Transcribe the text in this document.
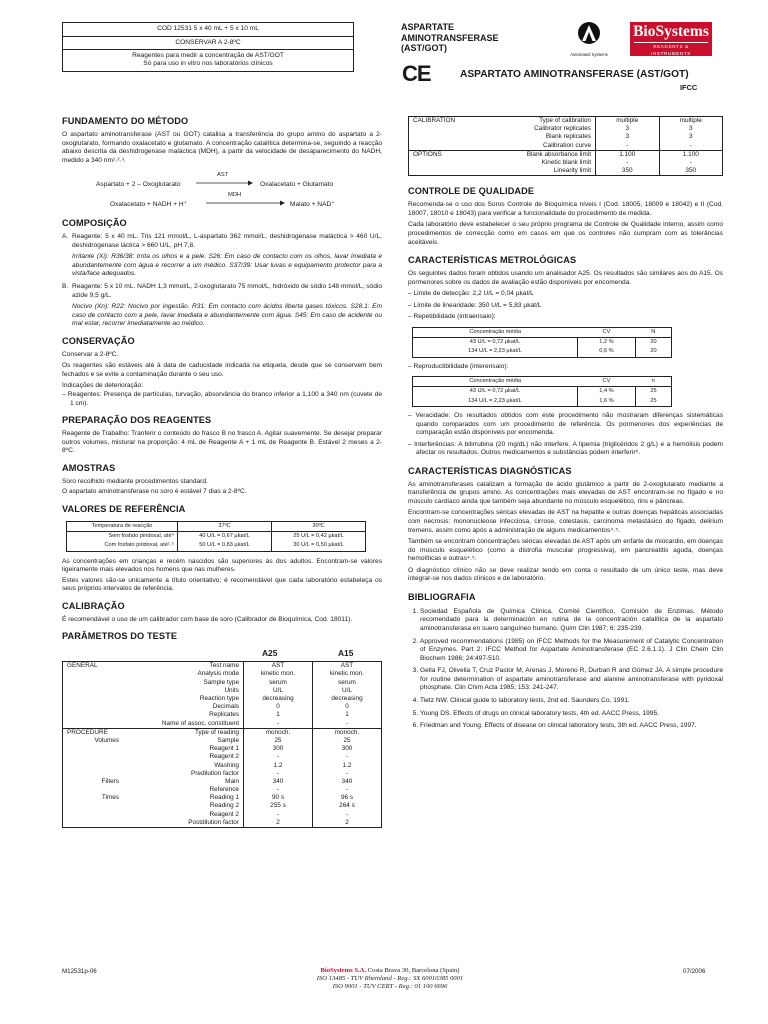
COD 12531 5 x 40 mL + 5 x 10 mL
CONSERVAR A 2-8ºC
Reagentes para medir a concentração de AST/GOT
Só para uso in vitro nos laboratórios clínicos
ASPARTATE
AMINOTRANSFERASE
(AST/GOT)
Automated Systems
BioSystems
REAGENTS & INSTRUMENTS
CE	ASPARTATO AMINOTRANSFERASE (AST/GOT)
IFCC
FUNDAMENTO DO MÉTODO

O aspartato aminotransferase (AST ou GOT) catalisa a transferência do grupo amino do aspartato a 2-oxoglutarato, formando oxalacetato e glutamato. A concentração catalítica determina-se, seguindo a reacção abaixo descrita da deshidrogenase maláctica (MDH), a partir da velocidade de desaparecimento do NADH, medido a 340 nm¹˒²˒³.

Aspartato + 2 – Oxoglutarato
AST
Oxalacetato + Glutamato
Oxalacetato + NADH + H⁺
MDH
Malato + NAD⁺
COMPOSIÇÃO
A. Reagente: 5 x 40 mL. Tris 121 mmol/L, L-aspartato 362 mmol/L, deshidrogenase maláctica > 460 U/L, deshidrogenase láctica > 660 U/L, pH 7,8.

Irritante (Xi): R36/38: Irrita os olhos e a pele. S26: Em caso de contacto com os olhos, lavar imediata e abundantemente com água e recorrer a um médico. S37/39: Usar luvas e equipamento protector para a vista/face adequados.

B. Reagente: 5 x 10 mL. NADH 1,3 mmol/L, 2-oxoglutarato 75 mmol/L, hidróxido de sódio 148 mmol/L, sódio azide 9,5 g/L.

Nocivo (Xn): R22: Nocivo por ingestão. R31: Em contacto com ácidos liberta gases tóxicos. S28.1: Em caso de contacto com a pele, lavar imediata e abundantemente com água. S45: Em caso de acidente ou mal estar, recorrer imediatamente ao médico.

CONSERVAÇÃO

Conservar a 2-8ºC.

Os reagentes são estáveis até à data de caducidade indicada na etiqueta, desde que se conservem bem fechados e se evite a contaminação durante o seu uso.

Indicações de deterioração:

– Reagentes: Presença de partículas, turvação, absorvância do branco inferior a 1,100 a 340 nm (cuvete de 1 cm).

PREPARAÇÃO DOS REAGENTES

Reagente de Trabalho: Tranferir o conteúdo do frasco B no frasco A. Agitar suavemente. Se desejar preparar outros volumes, misturar na proporção: 4 mL de Reagente A + 1 mL de Reagente B. Estável 2 meses a 2-8ºC.

AMOSTRAS

Soro recolhido mediante procedimentos standard.

O aspartato aminotransferase no soro é estável 7 dias a 2-8ºC.

VALORES DE REFERÊNCIA
Temperatura de reacção	37ºC	30ºC
Sem fosfato piridoxal, até⁴	40 U/L = 0,67 µkat/L	25 U/L = 0,42 µkat/L
Com fosfato piridoxal, até¹˒⁵	50 U/L = 0,83 µkat/L	30 U/L = 0,50 µkat/L

As concentrações em crianças e recém nascidos são superiores às dos adultos. Encontram-se valores ligeiramente mais elevados nos homens que nas mulheres.

Estes valores são-se unicamente a título orientativo; é recomendável que cada laboratório estabeleça os seus próprios intervalos de referência.

CALIBRAÇÃO

É recomendável o uso de um calibrador com base de soro (Calibrador de Bioquímica, Cod. 18011).

PARÂMETROS DO TESTE
A25	A15
GENERAL	Test name	AST	AST
	Analysis mode	kinetic mon.	kinetic mon.
	Sample type	serum	serum
	Units	U/L	U/L
	Reaction type	decreasing	decreasing
	Decimals	0	0
	Replicates	1	1
	Name of assoc. constituent	-	-
PROCEDURE	Type of reading	monoch.	monoch.
Volumes	Sample	25	25
	Reagent 1	300	300
	Reagent 2	-	-
	Washing	1.2	1.2
	Predilution factor	-	-
Filters	Main	340	340
	Reference	-	-
Times	Reading 1	90 s	96 s
	Reading 2	255 s	264 s
	Reagent 2	-	-
	Postdilution factor	2	2
CALIBRATION	Type of calibration	multiple	multiple
	Calibrator replicates	3	3
	Blank replicates	3	3
	Calibration curve	-	-
OPTIONS	Blank absorbance limit	1.100	1.100
	Kinetic blank limit	-	-
	Linearity limit	350	350
CONTROLE DE QUALIDADE

Recomenda-se o uso dos Soros Controle de Bioquímica níveis I (Cod. 18005, 18009 e 18042) e II (Cod. 18007, 18010 e 18043) para verificar a funcionalidade do procedimento de medida.

Cada laboratório deve estabelecer o seu próprio programa de Controle de Qualidade interno, assim como procedimentos de correcção como em casos em que os controles não cumpram com as tolerâncias aceitáveis.

CARACTERÍSTICAS METROLÓGICAS

Os seguintes dados foram obtidos usando um analisador A25. Os resultados são similares aos do A15. Os pormenores sobre os dados de avaliação estão disponíveis por encomenda.

– Limite de detecção: 2,2 U/L = 0,04 µkat/L

– Límite de linearidade: 350 U/L = 5,83 µkat/L

– Repetibilidade (intraensaio):

Concentração média	CV	N
43 U/L = 0,72 µkat/L	1,2 %	20
134 U/L = 2,23 µkat/L	0,6 %	20

– Reproductibilidade (interensaio):

Concentração média	CV	n
43 U/L = 0,72 µkat/L	1,4 %	25
134 U/L = 2,23 µkat/L	1,6 %	25

– Veracidade: Os resultados obtidos com este procedimento não mostraram diferenças sistemáticas quando comparados com um procedimento de referência. Os pormenores dos experiências de comparação estão disponíveis por encomenda.

– Interferências: A bilirrubina (20 mg/dL) não interfere. A lipemia (triglicéridos 2 g/L) e a hemólisis podem afectar os resultados. Outros medicamentos e substâncias podem interferir⁶.

CARACTERÍSTICAS DIAGNÓSTICAS

As aminotransferases catalizam a formação de ácido glutâmico a partir de 2-oxoglutarato mediante a transferência de grupos amino. As concentrações mais elevadas de AST encontram-se no fígado e no músculo cardíaco ainda que também seja abundante no músculo esquelético, rins e pâncreas.

Encontram-se concentrações séricas elevadas de AST na hepatite e outras doenças hepáticas associadas com necrosis: mononucleose infecciosa, cirrose, colestasis, carcinoma metastásico do fígado, delirium tremens, assim como após a administração de alguns medicamentos⁴˒⁵.

Também se encontram concentrações séricas elevadas de AST após um enfarte de miocardio, em doenças do músculo esquelético (como a distrofia muscular progressiva), em pancreatitis aguda, doenças hemolíticas e outras⁴˒⁵.

O diagnóstico clínico não se deve realizar tendo em conta o resultado de um único teste, mas deve integrar-se nos dados clínicos e de laboratório.

BIBLIOGRAFIA
1. Sociedad Española de Química Clínica, Comité Científico, Comisión de Enzimas. Método recomendado para la determinación en rutina de la concentración catalítica de la aspartato aminotransferasa en suero sanguíneo humano. Quím Clin 1987; 6: 235-239.
2. Approved recommendations (1985) on IFCC Methods for the Measurement of Catalytic Concentration of Enzymes. Part 2: IFCC Method for Aspartate Aminotransferase (EC 2.6.1.1). J Clin Chem Clin Biochem 1986; 24:497-510.
3. Gella FJ, Olivella T, Cruz Pastor M, Arenas J, Moreno R, Durban R and Gómez JA. A simple procedure for routine determination of aspartate aminotransferase and alanine aminotransferase with pyridoxal phosphate. Clin Chim Acta 1985; 153: 241-247.
4. Tietz NW. Clinical guide to laboratory tests, 2nd ed. Saunders Co, 1991.
5. Young DS. Effects of drugs on clinical laboratory tests, 4th ed. AACC Press, 1995.
6. Friedman and Young. Effects of disease on clinical laboratory tests, 3th ed. AACC Press, 1997.
M12531p-06	BioSystems S.A. Costa Brava 30, Barcelona (Spain)
ISO 13485 - TUV Rheinland - Reg.: SX 60010385 0001
ISO 9001 - TUV CERT - Reg.: 01 100 6696
07/2006
